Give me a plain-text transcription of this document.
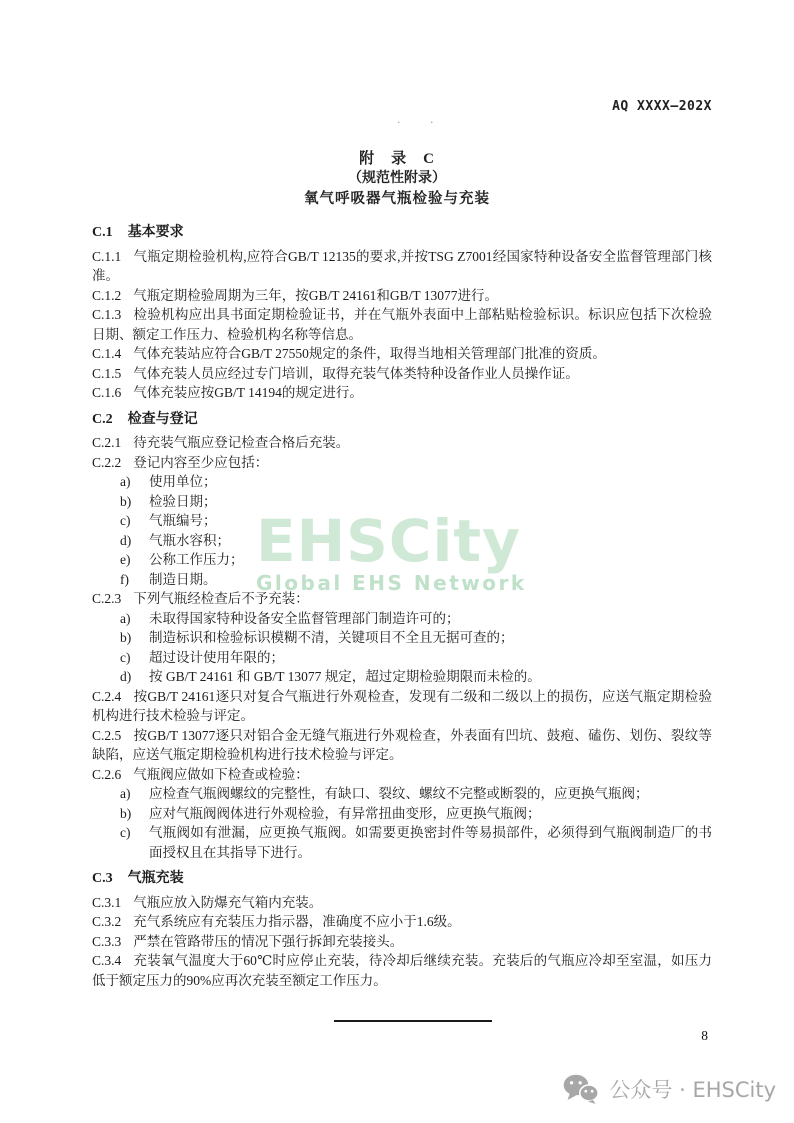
AQ XXXX—202X
· ·
附　录　C
（规范性附录）
氧气呼吸器气瓶检验与充装
EHSCity
Global EHS Network
C.1 基本要求

C.1.1 气瓶定期检验机构,应符合GB/T 12135的要求,并按TSG Z7001经国家特种设备安全监督管理部门核准。

C.1.2 气瓶定期检验周期为三年，按GB/T 24161和GB/T 13077进行。

C.1.3 检验机构应出具书面定期检验证书，并在气瓶外表面中上部粘贴检验标识。标识应包括下次检验日期、额定工作压力、检验机构名称等信息。

C.1.4 气体充装站应符合GB/T 27550规定的条件，取得当地相关管理部门批准的资质。

C.1.5 气体充装人员应经过专门培训，取得充装气体类特种设备作业人员操作证。

C.1.6 气体充装应按GB/T 14194的规定进行。

C.2 检查与登记

C.2.1 待充装气瓶应登记检查合格后充装。

C.2.2 登记内容至少应包括：

a) 使用单位；
b) 检验日期；
c) 气瓶编号；
d) 气瓶水容积；
e) 公称工作压力；
f) 制造日期。

C.2.3 下列气瓶经检查后不予充装：

a) 未取得国家特种设备安全监督管理部门制造许可的；
b) 制造标识和检验标识模糊不清，关键项目不全且无据可查的；
c) 超过设计使用年限的；
d) 按 GB/T 24161 和 GB/T 13077 规定，超过定期检验期限而未检的。

C.2.4 按GB/T 24161逐只对复合气瓶进行外观检查，发现有二级和二级以上的损伤，应送气瓶定期检验机构进行技术检验与评定。

C.2.5 按GB/T 13077逐只对铝合金无缝气瓶进行外观检查，外表面有凹坑、鼓疱、磕伤、划伤、裂纹等缺陷，应送气瓶定期检验机构进行技术检验与评定。

C.2.6 气瓶阀应做如下检查或检验：

a) 应检查气瓶阀螺纹的完整性，有缺口、裂纹、螺纹不完整或断裂的，应更换气瓶阀；
b) 应对气瓶阀阀体进行外观检验，有异常扭曲变形，应更换气瓶阀；
c) 气瓶阀如有泄漏，应更换气瓶阀。如需要更换密封件等易损部件，必须得到气瓶阀制造厂的书面授权且在其指导下进行。
C.3 气瓶充装

C.3.1 气瓶应放入防爆充气箱内充装。

C.3.2 充气系统应有充装压力指示器，准确度不应小于1.6级。

C.3.3 严禁在管路带压的情况下强行拆卸充装接头。

C.3.4 充装氧气温度大于60℃时应停止充装，待冷却后继续充装。充装后的气瓶应冷却至室温，如压力低于额定压力的90%应再次充装至额定工作压力。

8
公众号 · EHSCity
